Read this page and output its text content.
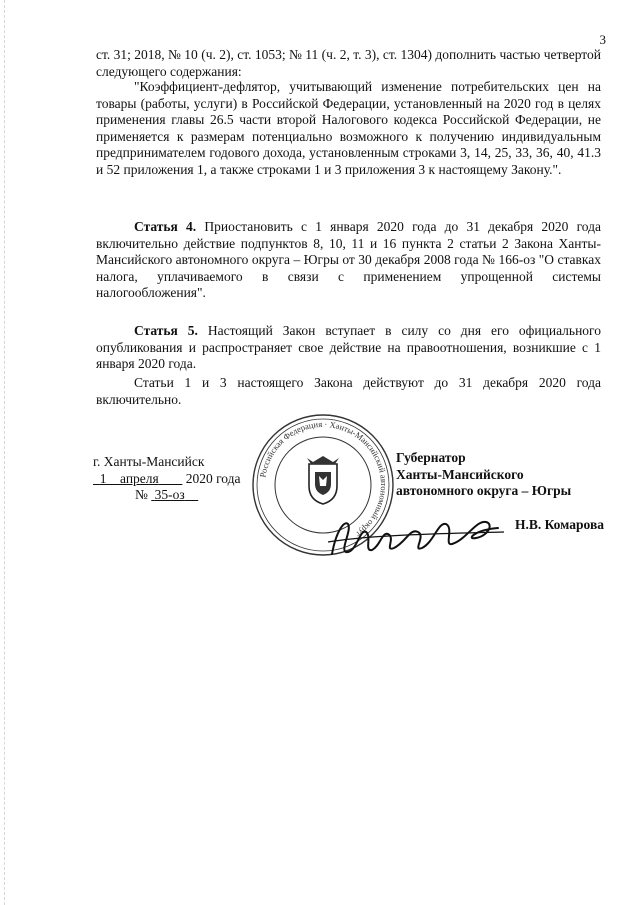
3

ст. 31; 2018, № 10 (ч. 2), ст. 1053; № 11 (ч. 2, т. 3), ст. 1304) дополнить частью четвертой следующего содержания:

"Коэффициент-дефлятор, учитывающий изменение потребительских цен на товары (работы, услуги) в Российской Федерации, установленный на 2020 год в целях применения главы 26.5 части второй Налогового кодекса Российской Федерации, не применяется к размерам потенциально возможного к получению индивидуальным предпринимателем годового дохода, установленным строками 3, 14, 25, 33, 36, 40, 41.3 и 52 приложения 1, а также строками 1 и 3 приложения 3 к настоящему Закону.".

Статья 4. Приостановить с 1 января 2020 года до 31 декабря 2020 года включительно действие подпунктов 8, 10, 11 и 16 пункта 2 статьи 2 Закона Ханты-Мансийского автономного округа – Югры от 30 декабря 2008 года № 166-оз "О ставках налога, уплачиваемого в связи с применением упрощенной системы налогообложения".

Статья 5. Настоящий Закон вступает в силу со дня его официального опубликования и распространяет свое действие на правоотношения, возникшие с 1 января 2020 года.

Статьи 1 и 3 настоящего Закона действуют до 31 декабря 2020 года включительно.

г. Ханты-Мансийск
1 апреля 2020 года
№ 35-оз
Российская Федерация · Ханты-Мансийский автономный округ
Губернатор
Ханты-Мансийского
автономного округа – Югры
Н.В. Комарова
